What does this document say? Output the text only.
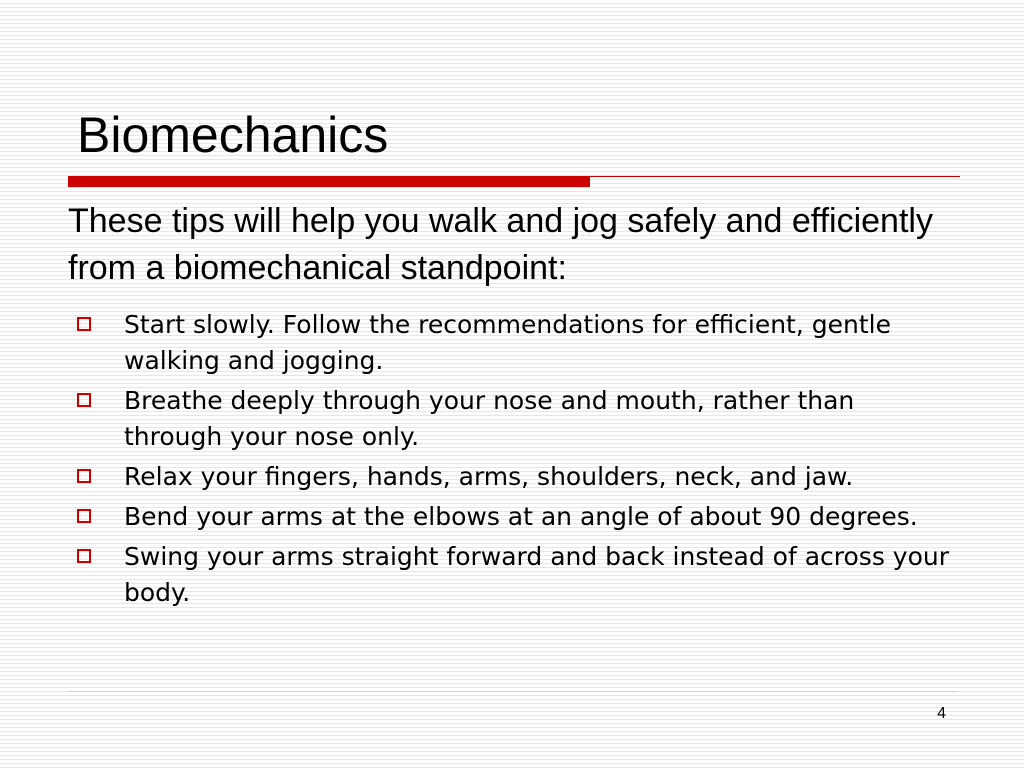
Biomechanics

These tips will help you walk and jog safely and efficiently from a biomechanical standpoint:

Start slowly. Follow the recommendations for efficient, gentle walking and jogging.
Breathe deeply through your nose and mouth, rather than through your nose only.
Relax your fingers, hands, arms, shoulders, neck, and jaw.
Bend your arms at the elbows at an angle of about 90 degrees.
Swing your arms straight forward and back instead of across your body.
4
